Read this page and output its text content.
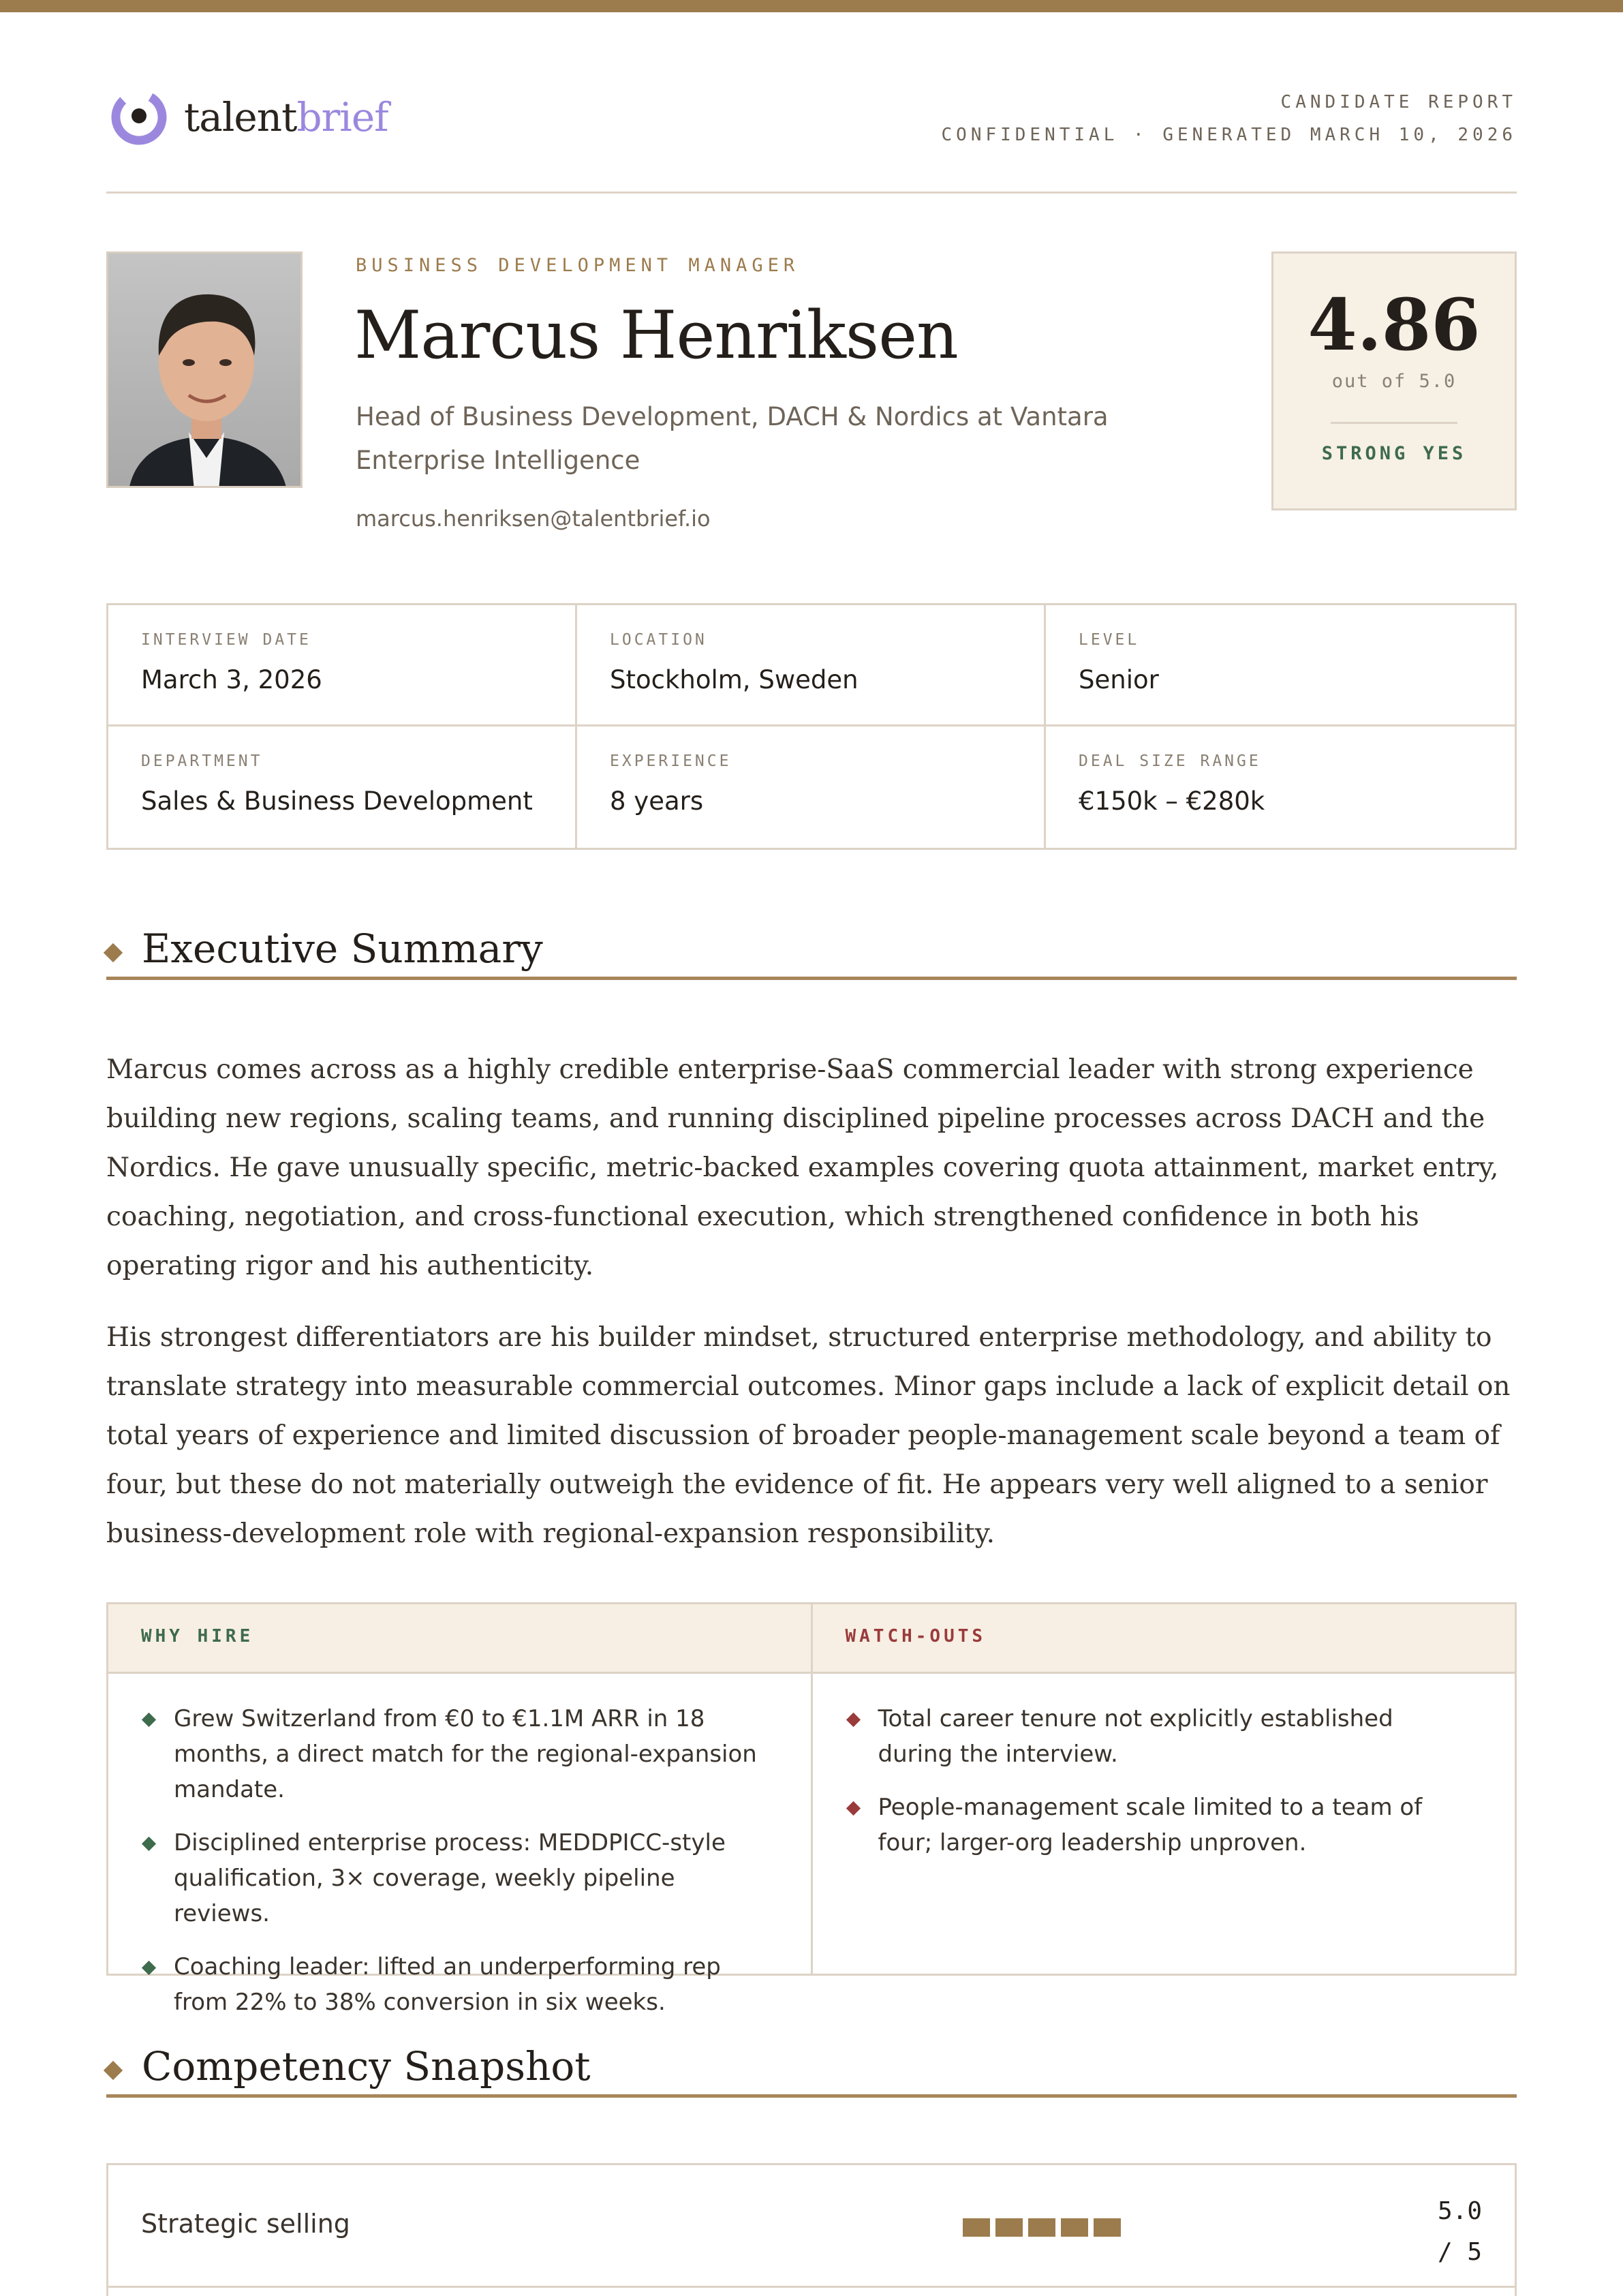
talentbrief	CANDIDATE REPORT
CONFIDENTIAL · GENERATED MARCH 10, 2026
BUSINESS DEVELOPMENT MANAGER
Marcus Henriksen
Head of Business Development, DACH & Nordics at Vantara Enterprise Intelligence
marcus.henriksen@talentbrief.io
4.86
out of 5.0
STRONG YES
INTERVIEW DATE
March 3, 2026
LOCATION
Stockholm, Sweden
LEVEL
Senior
DEPARTMENT
Sales & Business Development
EXPERIENCE
8 years
DEAL SIZE RANGE
€150k – €280k
Executive Summary

Marcus comes across as a highly credible enterprise-SaaS commercial leader with strong experience building new regions, scaling teams, and running disciplined pipeline processes across DACH and the Nordics. He gave unusually specific, metric-backed examples covering quota attainment, market entry, coaching, negotiation, and cross-functional execution, which strengthened confidence in both his operating rigor and his authenticity.

His strongest differentiators are his builder mindset, structured enterprise methodology, and ability to translate strategy into measurable commercial outcomes. Minor gaps include a lack of explicit detail on total years of experience and limited discussion of broader people-management scale beyond a team of four, but these do not materially outweigh the evidence of fit. He appears very well aligned to a senior business-development role with regional-expansion responsibility.

WHY HIRE
Grew Switzerland from €0 to €1.1M ARR in 18 months, a direct match for the regional-expansion mandate.
Disciplined enterprise process: MEDDPICC-style qualification, 3× coverage, weekly pipeline reviews.
Coaching leader: lifted an underperforming rep from 22% to 38% conversion in six weeks.
WATCH-OUTS
Total career tenure not explicitly established during the interview.
People-management scale limited to a team of four; larger-org leadership unproven.
Competency Snapshot
Strategic selling	5.0
/ 5
